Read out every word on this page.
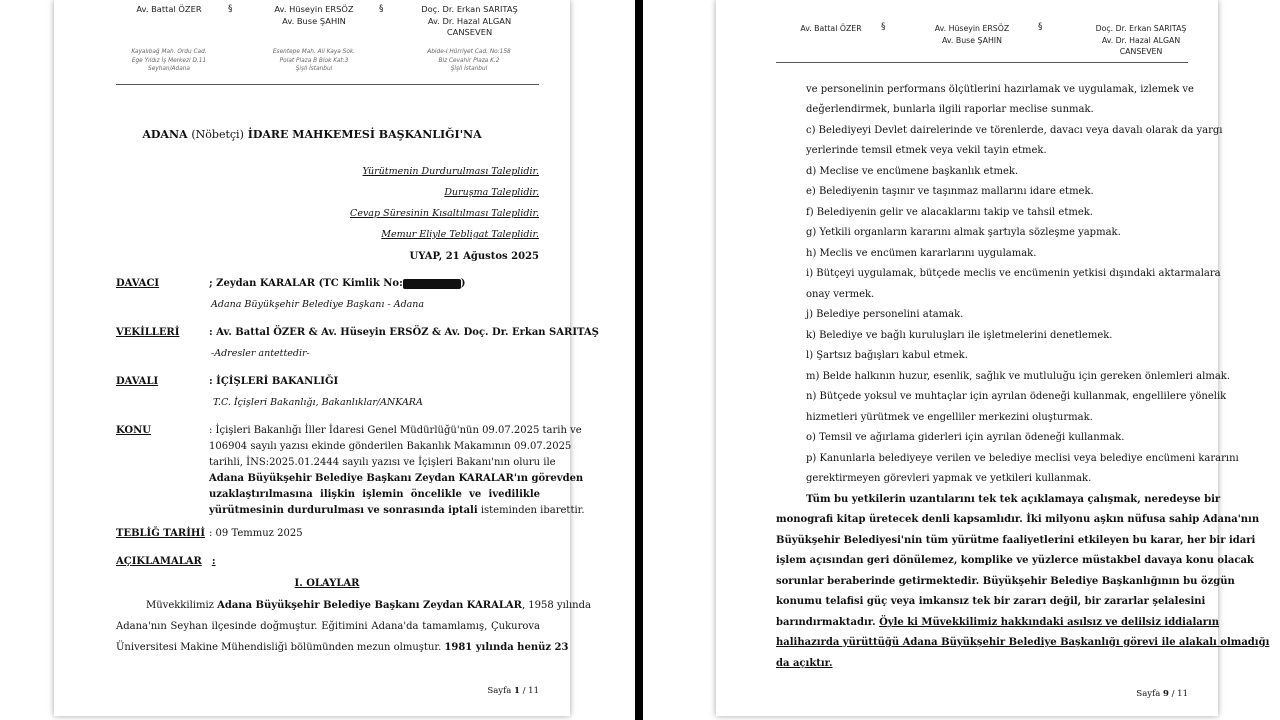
Av. Battal ÖZER	§	Av. Hüseyin ERSÖZ
Av. Buse ŞAHIN
§	Doç. Dr. Erkan SARITAŞ
Av. Dr. Hazal ALGAN
CANSEVEN
Kayalıbağ Mah. Ordu Cad.
Ege Yıldız İş Merkezi D.11
Seyhan/Adana
Esentepe Mah. Ali Kaya Sok.
Polat Plaza B Blok Kat:3
Şişli İstanbul
Abide-i Hürriyet Cad. No:158
Biz Cevahir Plaza K.2
Şişli İstanbul
ADANA (Nöbetçi) İDARE MAHKEMESİ BAŞKANLIĞI'NA
Yürütmenin Durdurulması Taleplidir.
Duruşma Taleplidir.
Cevap Süresinin Kısaltılması Taleplidir.
Memur Eliyle Tebligat Taleplidir.
UYAP, 21 Ağustos 2025
DAVACI	; Zeydan KARALAR (TC Kimlik No:	)
Adana Büyükşehir Belediye Başkanı - Adana
VEKİLLERİ	: Av. Battal ÖZER & Av. Hüseyin ERSÖZ & Av. Doç. Dr. Erkan SARITAŞ
-Adresler antettedir-
DAVALI	: İÇİŞLERİ BAKANLIĞI
T.C. İçişleri Bakanlığı, Bakanlıklar/ANKARA
KONU	: İçişleri Bakanlığı İller İdaresi Genel Müdürlüğü'nün 09.07.2025 tarih ve
106904 sayılı yazısı ekinde gönderilen Bakanlık Makamının 09.07.2025
tarihli, İNS:2025.01.2444 sayılı yazısı ve İçişleri Bakanı'nın oluru ile
Adana Büyükşehir Belediye Başkanı Zeydan KARALAR'ın görevden
uzaklaştırılmasına ilişkin işlemin öncelikle ve ivedilikle
yürütmesinin durdurulması ve sonrasında iptali isteminden ibarettir.
TEBLİĞ TARİHİ : 09 Temmuz 2025
AÇIKLAMALAR :
I. OLAYLAR
Müvekkilimiz Adana Büyükşehir Belediye Başkanı Zeydan KARALAR, 1958 yılında
Adana'nın Seyhan ilçesinde doğmuştur. Eğitimini Adana'da tamamlamış, Çukurova
Üniversitesi Makine Mühendisliği bölümünden mezun olmuştur. 1981 yılında henüz 23
Sayfa 1 / 11
Av. Battal ÖZER	§	Av. Hüseyin ERSÖZ
Av. Buse ŞAHIN
§	Doç. Dr. Erkan SARITAŞ
Av. Dr. Hazal ALGAN
CANSEVEN
ve personelinin performans ölçütlerini hazırlamak ve uygulamak, izlemek ve
değerlendirmek, bunlarla ilgili raporlar meclise sunmak.
c) Belediyeyi Devlet dairelerinde ve törenlerde, davacı veya davalı olarak da yargı
yerlerinde temsil etmek veya vekil tayin etmek.
d) Meclise ve encümene başkanlık etmek.
e) Belediyenin taşınır ve taşınmaz mallarını idare etmek.
f) Belediyenin gelir ve alacaklarını takip ve tahsil etmek.
g) Yetkili organların kararını almak şartıyla sözleşme yapmak.
h) Meclis ve encümen kararlarını uygulamak.
i) Bütçeyi uygulamak, bütçede meclis ve encümenin yetkisi dışındaki aktarmalara
onay vermek.
j) Belediye personelini atamak.
k) Belediye ve bağlı kuruluşları ile işletmelerini denetlemek.
l) Şartsız bağışları kabul etmek.
m) Belde halkının huzur, esenlik, sağlık ve mutluluğu için gereken önlemleri almak.
n) Bütçede yoksul ve muhtaçlar için ayrılan ödeneği kullanmak, engellilere yönelik
hizmetleri yürütmek ve engelliler merkezini oluşturmak.
o) Temsil ve ağırlama giderleri için ayrılan ödeneği kullanmak.
p) Kanunlarla belediyeye verilen ve belediye meclisi veya belediye encümeni kararını
gerektirmeyen görevleri yapmak ve yetkileri kullanmak.
Tüm bu yetkilerin uzantılarını tek tek açıklamaya çalışmak, neredeyse bir
monografi kitap üretecek denli kapsamlıdır. İki milyonu aşkın nüfusa sahip Adana'nın
Büyükşehir Belediyesi'nin tüm yürütme faaliyetlerini etkileyen bu karar, her bir idari
işlem açısından geri dönülemez, komplike ve yüzlerce müstakbel davaya konu olacak
sorunlar beraberinde getirmektedir. Büyükşehir Belediye Başkanlığının bu özgün
konumu telafisi güç veya imkansız tek bir zararı değil, bir zararlar şelalesini
barındırmaktadır. Öyle ki Müvekkilimiz hakkındaki asılsız ve delilsiz iddiaların
halihazırda yürüttüğü Adana Büyükşehir Belediye Başkanlığı görevi ile alakalı olmadığı
da açıktır.
Sayfa 9 / 11
